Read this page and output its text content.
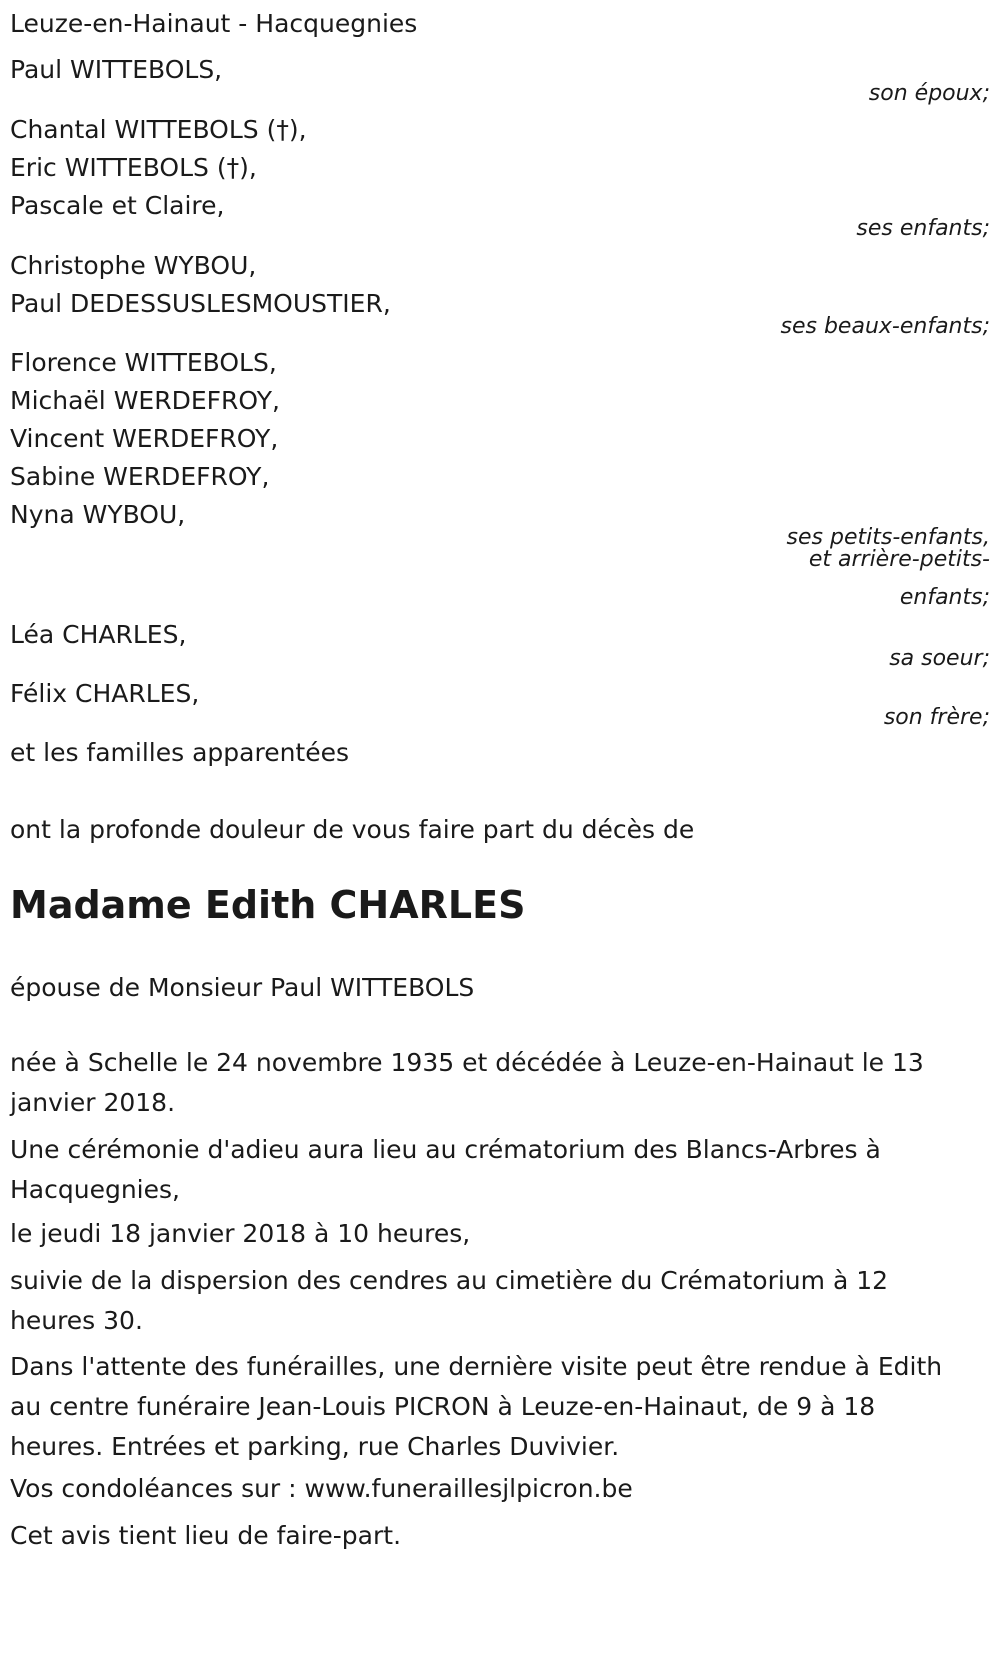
Leuze-en-Hainaut - Hacquegnies
Paul WITTEBOLS,
son époux;
Chantal WITTEBOLS (†),
Eric WITTEBOLS (†),
Pascale et Claire,
ses enfants;
Christophe WYBOU,
Paul DEDESSUSLESMOUSTIER,
ses beaux-enfants;
Florence WITTEBOLS,
Michaël WERDEFROY,
Vincent WERDEFROY,
Sabine WERDEFROY,
Nyna WYBOU,
ses petits-enfants,
et arrière-petits-
enfants;
Léa CHARLES,
sa soeur;
Félix CHARLES,
son frère;
et les familles apparentées
ont la profonde douleur de vous faire part du décès de
Madame Edith CHARLES
épouse de Monsieur Paul WITTEBOLS
née à Schelle le 24 novembre 1935 et décédée à Leuze-en-Hainaut le 13 janvier 2018.
Une cérémonie d'adieu aura lieu au crématorium des Blancs-Arbres à Hacquegnies,
le jeudi 18 janvier 2018 à 10 heures,
suivie de la dispersion des cendres au cimetière du Crématorium à 12 heures 30.
Dans l'attente des funérailles, une dernière visite peut être rendue à Edith au centre funéraire Jean-Louis PICRON à Leuze-en-Hainaut, de 9 à 18 heures. Entrées et parking, rue Charles Duvivier.
Vos condoléances sur : www.funeraillesjlpicron.be
Cet avis tient lieu de faire-part.
